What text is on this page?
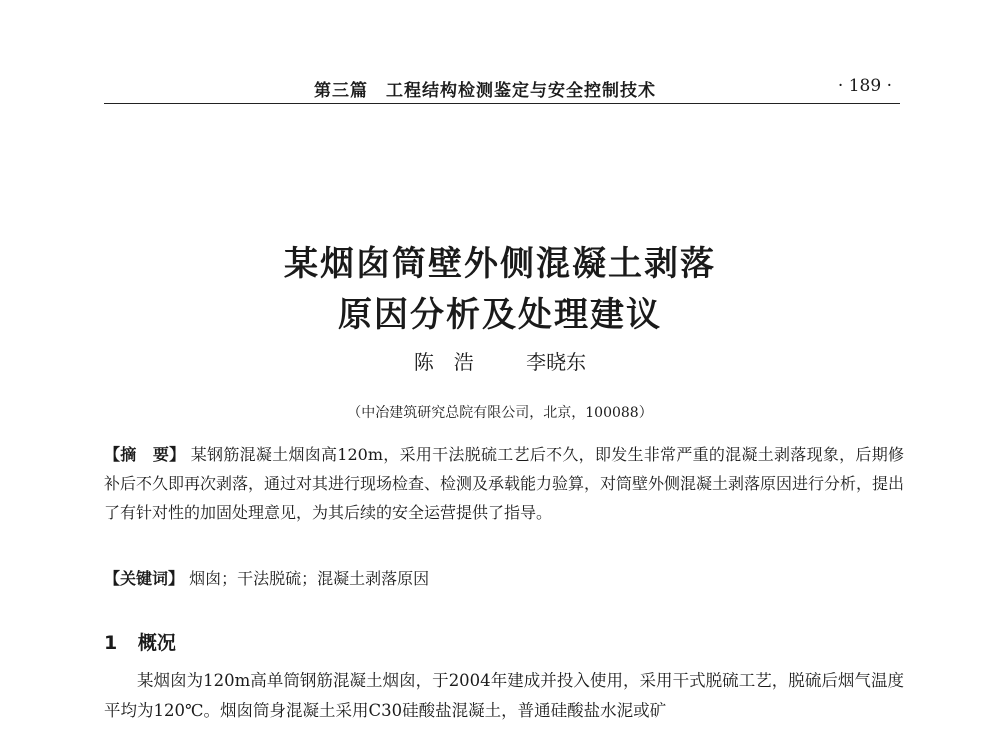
第三篇　工程结构检测鉴定与安全控制技术	· 189 ·
某烟囱筒壁外侧混凝土剥落
原因分析及处理建议
陈　浩	李晓东
（中冶建筑研究总院有限公司，北京，100088）
【摘　要】 某钢筋混凝土烟囱高120m，采用干法脱硫工艺后不久，即发生非常严重的混凝土剥落现象，后期修补后不久即再次剥落，通过对其进行现场检查、检测及承载能力验算，对筒壁外侧混凝土剥落原因进行分析，提出了有针对性的加固处理意见，为其后续的安全运营提供了指导。
【关键词】 烟囱；干法脱硫；混凝土剥落原因
1 概况
某烟囱为120m高单筒钢筋混凝土烟囱，于2004年建成并投入使用，采用干式脱硫工艺，脱硫后烟气温度平均为120℃。烟囱筒身混凝土采用C30硅酸盐混凝土，普通硅酸盐水泥或矿
